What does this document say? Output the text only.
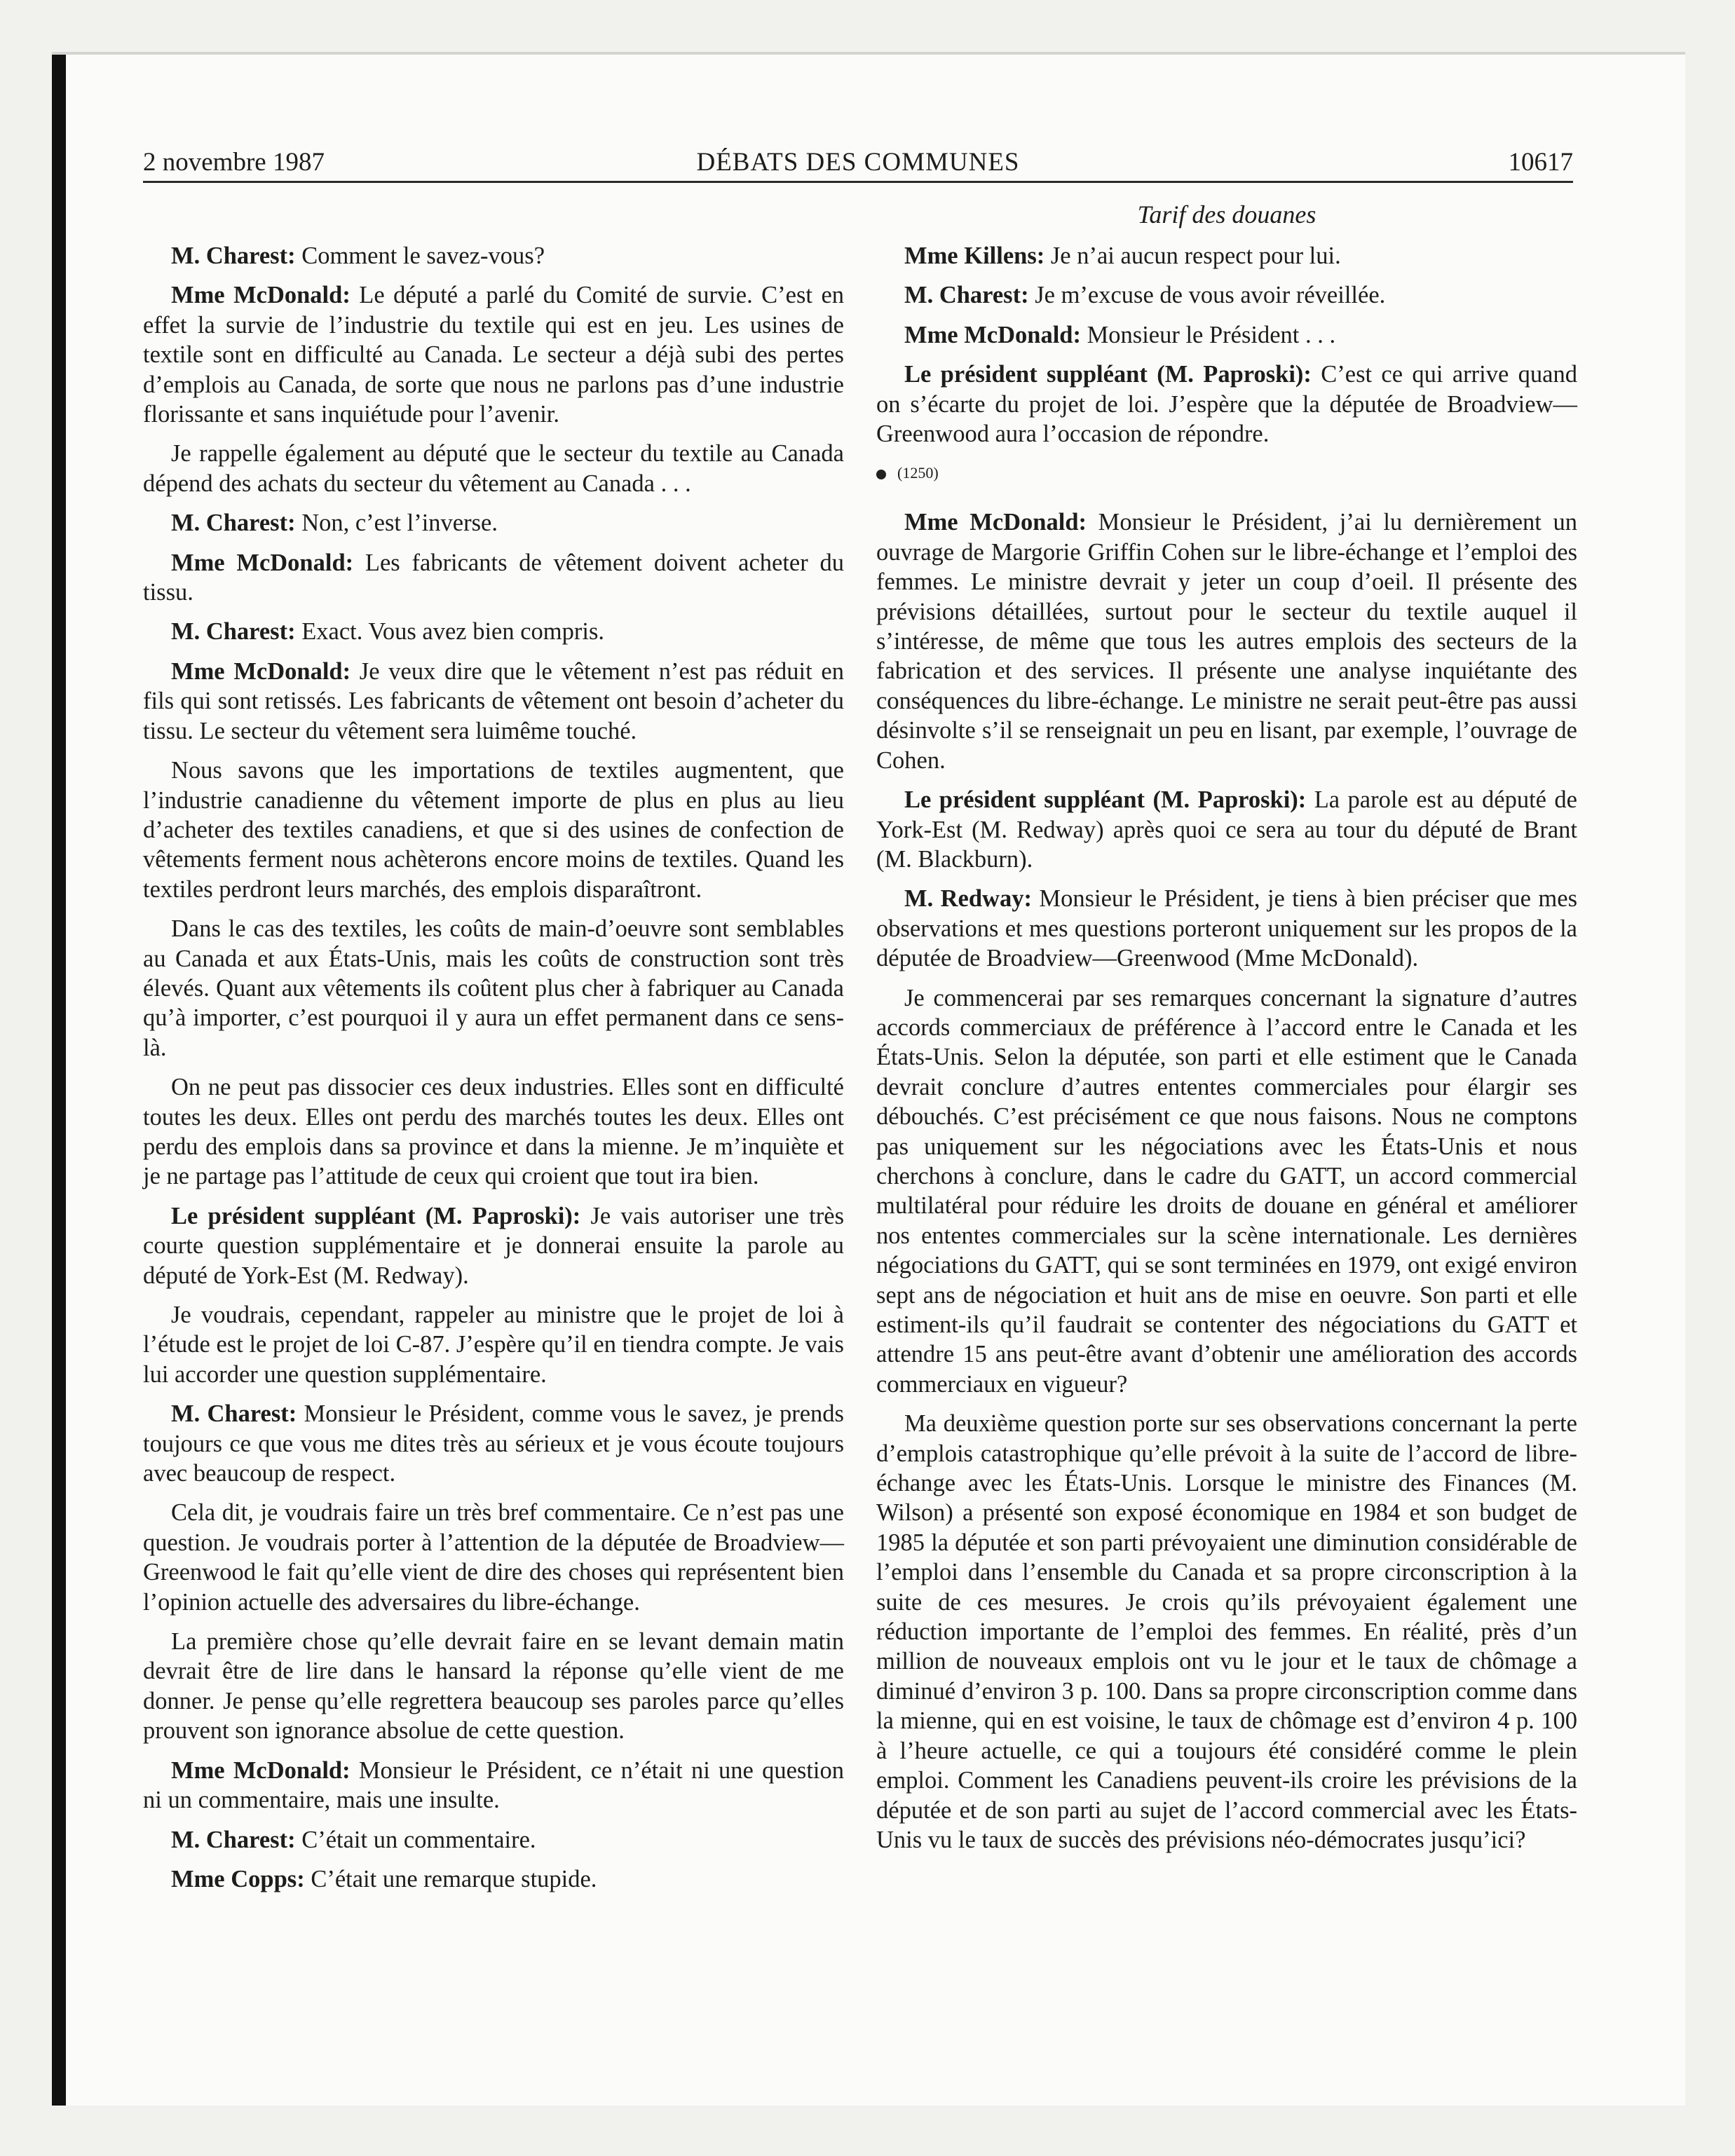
2 novembre 1987	DÉBATS DES COMMUNES	10617
Tarif des douanes

M. Charest: Comment le savez-vous?

Mme McDonald: Le député a parlé du Comité de survie. C’est en effet la survie de l’industrie du textile qui est en jeu. Les usines de textile sont en difficulté au Canada. Le secteur a déjà subi des pertes d’emplois au Canada, de sorte que nous ne parlons pas d’une industrie florissante et sans inquiétude pour l’avenir.

Je rappelle également au député que le secteur du textile au Canada dépend des achats du secteur du vêtement au Canada . . .

M. Charest: Non, c’est l’inverse.

Mme McDonald: Les fabricants de vêtement doivent acheter du tissu.

M. Charest: Exact. Vous avez bien compris.

Mme McDonald: Je veux dire que le vêtement n’est pas réduit en fils qui sont retissés. Les fabricants de vêtement ont besoin d’acheter du tissu. Le secteur du vêtement sera luimême touché.

Nous savons que les importations de textiles augmentent, que l’industrie canadienne du vêtement importe de plus en plus au lieu d’acheter des textiles canadiens, et que si des usines de confection de vêtements ferment nous achèterons encore moins de textiles. Quand les textiles perdront leurs marchés, des emplois disparaîtront.

Dans le cas des textiles, les coûts de main-d’oeuvre sont semblables au Canada et aux États-Unis, mais les coûts de construction sont très élevés. Quant aux vêtements ils coûtent plus cher à fabriquer au Canada qu’à importer, c’est pourquoi il y aura un effet permanent dans ce sens-là.

On ne peut pas dissocier ces deux industries. Elles sont en difficulté toutes les deux. Elles ont perdu des marchés toutes les deux. Elles ont perdu des emplois dans sa province et dans la mienne. Je m’inquiète et je ne partage pas l’attitude de ceux qui croient que tout ira bien.

Le président suppléant (M. Paproski): Je vais autoriser une très courte question supplémentaire et je donnerai ensuite la parole au député de York-Est (M. Redway).

Je voudrais, cependant, rappeler au ministre que le projet de loi à l’étude est le projet de loi C-87. J’espère qu’il en tiendra compte. Je vais lui accorder une question supplémentaire.

M. Charest: Monsieur le Président, comme vous le savez, je prends toujours ce que vous me dites très au sérieux et je vous écoute toujours avec beaucoup de respect.

Cela dit, je voudrais faire un très bref commentaire. Ce n’est pas une question. Je voudrais porter à l’attention de la députée de Broadview—Greenwood le fait qu’elle vient de dire des choses qui représentent bien l’opinion actuelle des adversaires du libre-échange.

La première chose qu’elle devrait faire en se levant demain matin devrait être de lire dans le hansard la réponse qu’elle vient de me donner. Je pense qu’elle regrettera beaucoup ses paroles parce qu’elles prouvent son ignorance absolue de cette question.

Mme McDonald: Monsieur le Président, ce n’était ni une question ni un commentaire, mais une insulte.

M. Charest: C’était un commentaire.

Mme Copps: C’était une remarque stupide.

Mme Killens: Je n’ai aucun respect pour lui.

M. Charest: Je m’excuse de vous avoir réveillée.

Mme McDonald: Monsieur le Président . . .

Le président suppléant (M. Paproski): C’est ce qui arrive quand on s’écarte du projet de loi. J’espère que la députée de Broadview—Greenwood aura l’occasion de répondre.

(1250)

Mme McDonald: Monsieur le Président, j’ai lu dernièrement un ouvrage de Margorie Griffin Cohen sur le libre-échange et l’emploi des femmes. Le ministre devrait y jeter un coup d’oeil. Il présente des prévisions détaillées, surtout pour le secteur du textile auquel il s’intéresse, de même que tous les autres emplois des secteurs de la fabrication et des services. Il présente une analyse inquiétante des conséquences du libre-échange. Le ministre ne serait peut-être pas aussi désinvolte s’il se renseignait un peu en lisant, par exemple, l’ouvrage de Cohen.

Le président suppléant (M. Paproski): La parole est au député de York-Est (M. Redway) après quoi ce sera au tour du député de Brant (M. Blackburn).

M. Redway: Monsieur le Président, je tiens à bien préciser que mes observations et mes questions porteront uniquement sur les propos de la députée de Broadview—Greenwood (Mme McDonald).

Je commencerai par ses remarques concernant la signature d’autres accords commerciaux de préférence à l’accord entre le Canada et les États-Unis. Selon la députée, son parti et elle estiment que le Canada devrait conclure d’autres ententes commerciales pour élargir ses débouchés. C’est précisément ce que nous faisons. Nous ne comptons pas uniquement sur les négociations avec les États-Unis et nous cherchons à conclure, dans le cadre du GATT, un accord commercial multilatéral pour réduire les droits de douane en général et améliorer nos ententes commerciales sur la scène internationale. Les dernières négociations du GATT, qui se sont terminées en 1979, ont exigé environ sept ans de négociation et huit ans de mise en oeuvre. Son parti et elle estiment-ils qu’il faudrait se contenter des négociations du GATT et attendre 15 ans peut-être avant d’obtenir une amélioration des accords commerciaux en vigueur?

Ma deuxième question porte sur ses observations concernant la perte d’emplois catastrophique qu’elle prévoit à la suite de l’accord de libre-échange avec les États-Unis. Lorsque le ministre des Finances (M. Wilson) a présenté son exposé économique en 1984 et son budget de 1985 la députée et son parti prévoyaient une diminution considérable de l’emploi dans l’ensemble du Canada et sa propre circonscription à la suite de ces mesures. Je crois qu’ils prévoyaient également une réduction importante de l’emploi des femmes. En réalité, près d’un million de nouveaux emplois ont vu le jour et le taux de chômage a diminué d’environ 3 p. 100. Dans sa propre circonscription comme dans la mienne, qui en est voisine, le taux de chômage est d’environ 4 p. 100 à l’heure actuelle, ce qui a toujours été considéré comme le plein emploi. Comment les Canadiens peuvent-ils croire les prévisions de la députée et de son parti au sujet de l’accord commercial avec les États-Unis vu le taux de succès des prévisions néo-démocrates jusqu’ici?
